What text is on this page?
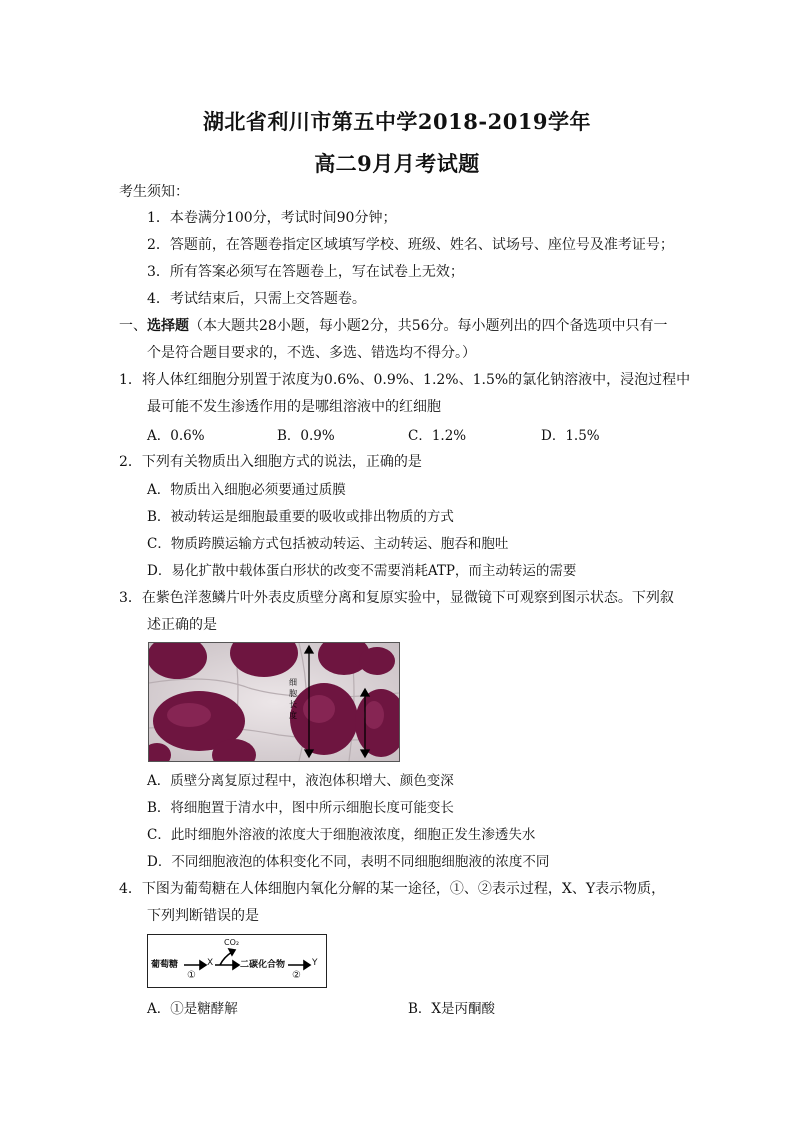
湖北省利川市第五中学2018-2019学年
高二9月月考试题
考生须知：
1．本卷满分100分，考试时间90分钟；
2．答题前，在答题卷指定区域填写学校、班级、姓名、试场号、座位号及准考证号；
3．所有答案必须写在答题卷上，写在试卷上无效；
4．考试结束后，只需上交答题卷。
一、选择题（本大题共28小题，每小题2分，共56分。每小题列出的四个备选项中只有一
个是符合题目要求的，不选、多选、错选均不得分。）
1．将人体红细胞分别置于浓度为0.6%、0.9%、1.2%、1.5%的氯化钠溶液中，浸泡过程中
最可能不发生渗透作用的是哪组溶液中的红细胞
A．0.6%	B．0.9%	C．1.2%	D．1.5%
2．下列有关物质出入细胞方式的说法，正确的是
A．物质出入细胞必须要通过质膜
B．被动转运是细胞最重要的吸收或排出物质的方式
C．物质跨膜运输方式包括被动转运、主动转运、胞吞和胞吐
D．易化扩散中载体蛋白形状的改变不需要消耗ATP，而主动转运的需要
3．在紫色洋葱鳞片叶外表皮质壁分离和复原实验中，显微镜下可观察到图示状态。下列叙
述正确的是
细
胞
长
度
A．质壁分离复原过程中，液泡体积增大、颜色变深
B．将细胞置于清水中，图中所示细胞长度可能变长
C．此时细胞外溶液的浓度大于细胞液浓度，细胞正发生渗透失水
D．不同细胞液泡的体积变化不同，表明不同细胞细胞液的浓度不同
4．下图为葡萄糖在人体细胞内氧化分解的某一途径，①、②表示过程，X、Y表示物质，
下列判断错误的是
葡萄糖	X
CO₂
二碳化合物	Y
①	②
A．①是糖酵解	B．X是丙酮酸
